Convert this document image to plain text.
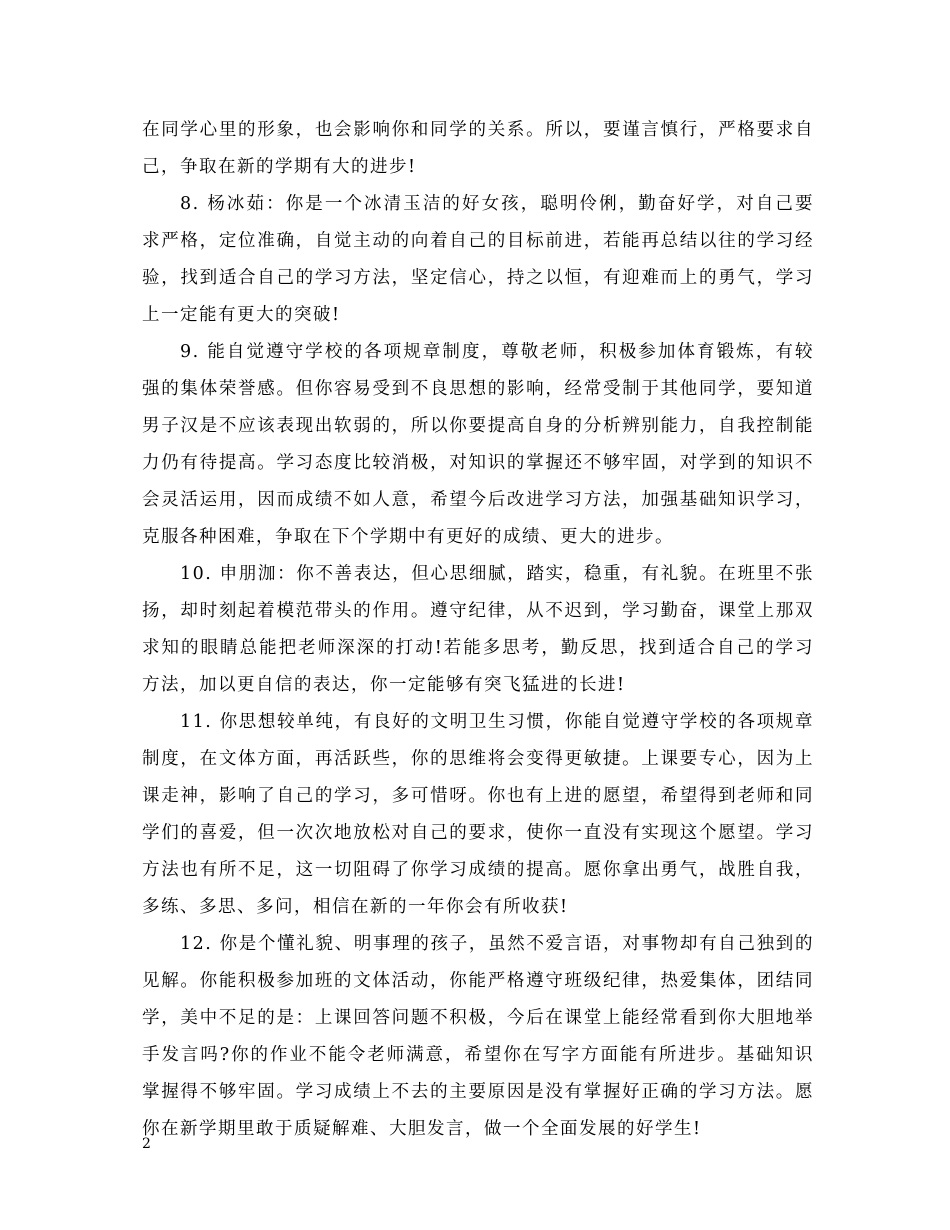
在同学心里的形象，也会影响你和同学的关系。所以，要谨言慎行，严格要求自己，争取在新的学期有大的进步!

8. 杨冰茹：你是一个冰清玉洁的好女孩，聪明伶俐，勤奋好学，对自己要求严格，定位准确，自觉主动的向着自己的目标前进，若能再总结以往的学习经验，找到适合自己的学习方法，坚定信心，持之以恒，有迎难而上的勇气，学习上一定能有更大的突破!

9. 能自觉遵守学校的各项规章制度，尊敬老师，积极参加体育锻炼，有较强的集体荣誉感。但你容易受到不良思想的影响，经常受制于其他同学，要知道男子汉是不应该表现出软弱的，所以你要提高自身的分析辨别能力，自我控制能力仍有待提高。学习态度比较消极，对知识的掌握还不够牢固，对学到的知识不会灵活运用，因而成绩不如人意，希望今后改进学习方法，加强基础知识学习，克服各种困难，争取在下个学期中有更好的成绩、更大的进步。

10. 申朋泇：你不善表达，但心思细腻，踏实，稳重，有礼貌。在班里不张扬，却时刻起着模范带头的作用。遵守纪律，从不迟到，学习勤奋，课堂上那双求知的眼睛总能把老师深深的打动!若能多思考，勤反思，找到适合自己的学习方法，加以更自信的表达，你一定能够有突飞猛进的长进!

11. 你思想较单纯，有良好的文明卫生习惯，你能自觉遵守学校的各项规章制度，在文体方面，再活跃些，你的思维将会变得更敏捷。上课要专心，因为上课走神，影响了自己的学习，多可惜呀。你也有上进的愿望，希望得到老师和同学们的喜爱，但一次次地放松对自己的要求，使你一直没有实现这个愿望。学习方法也有所不足，这一切阻碍了你学习成绩的提高。愿你拿出勇气，战胜自我，多练、多思、多问，相信在新的一年你会有所收获!

12. 你是个懂礼貌、明事理的孩子，虽然不爱言语，对事物却有自己独到的见解。你能积极参加班的文体活动，你能严格遵守班级纪律，热爱集体，团结同学，美中不足的是：上课回答问题不积极，今后在课堂上能经常看到你大胆地举手发言吗?你的作业不能令老师满意，希望你在写字方面能有所进步。基础知识掌握得不够牢固。学习成绩上不去的主要原因是没有掌握好正确的学习方法。愿你在新学期里敢于质疑解难、大胆发言，做一个全面发展的好学生!

2
